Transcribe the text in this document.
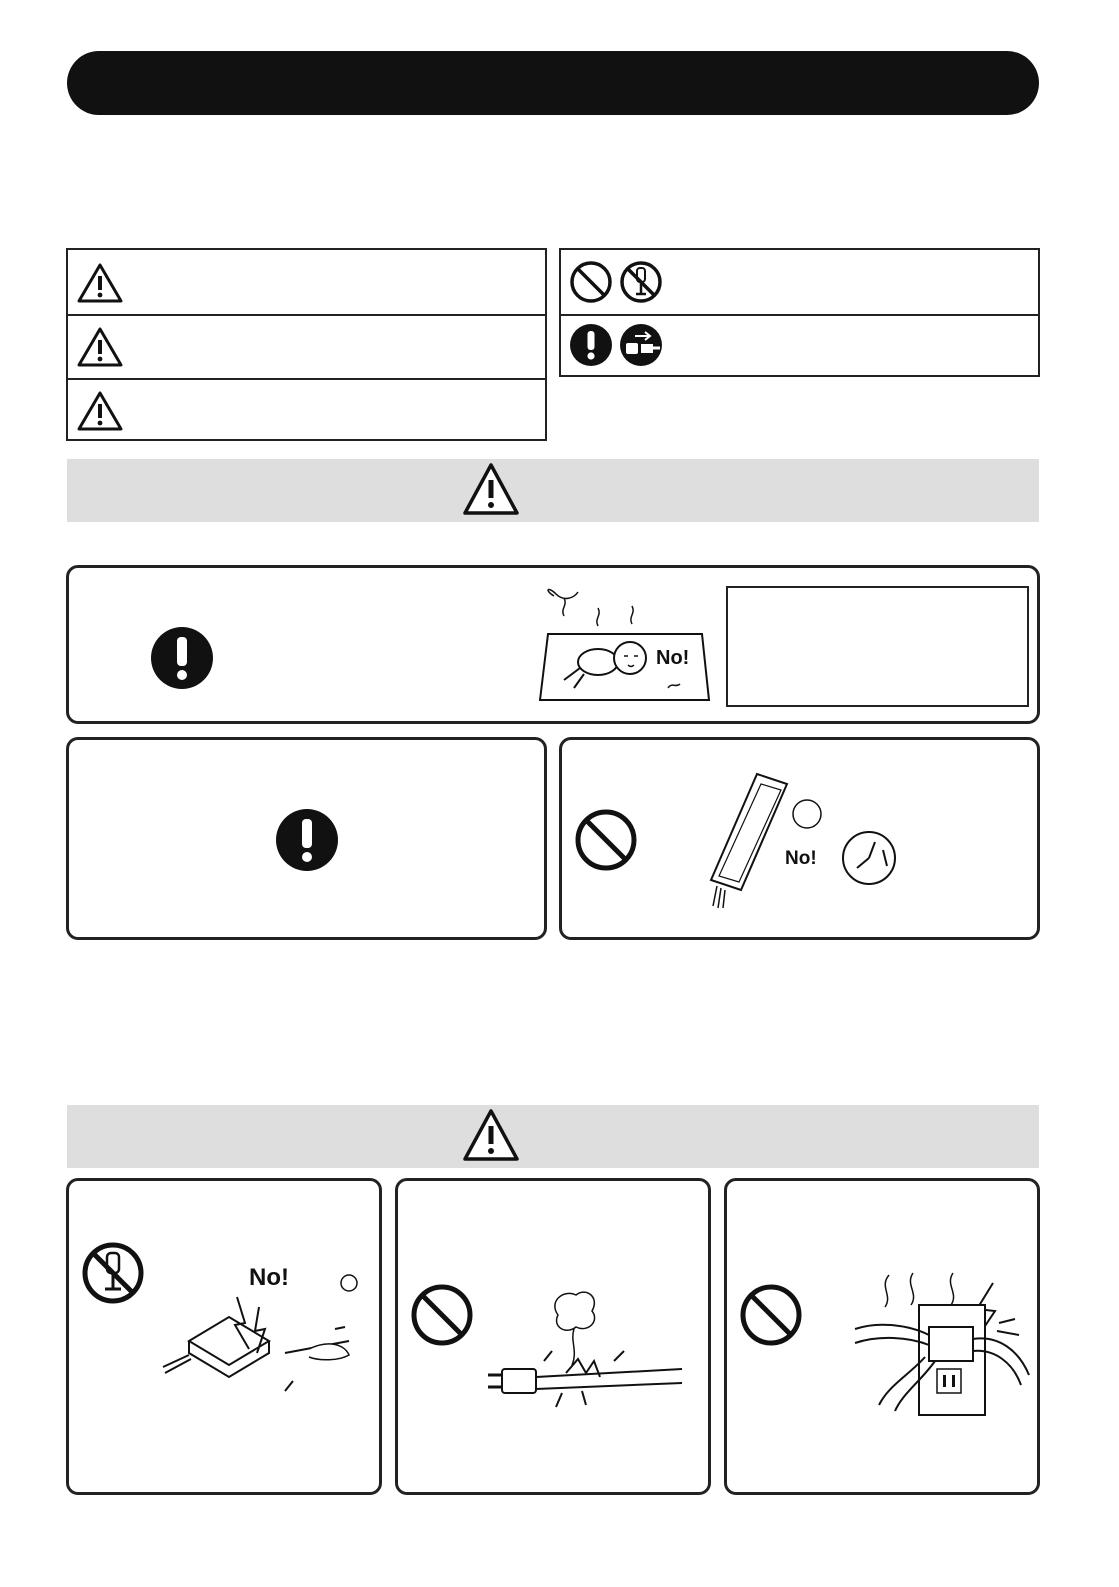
No!
No!
No!
